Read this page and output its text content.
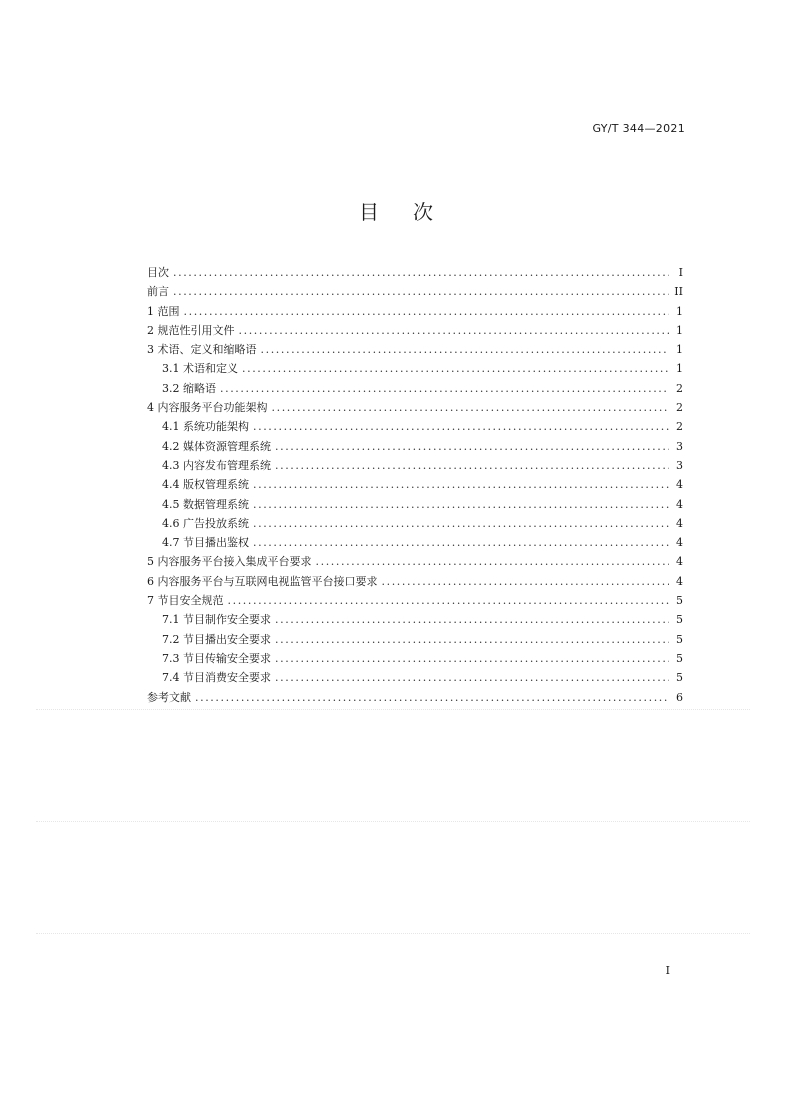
GY/T 344—2021
目次
目次 .....	I
前言 .....	II
1 范围 .....	1
2 规范性引用文件 .....	1
3 术语、定义和缩略语 .....	1
3.1 术语和定义 .....	1
3.2 缩略语 .....	2
4 内容服务平台功能架构 .....	2
4.1 系统功能架构 .....	2
4.2 媒体资源管理系统 .....	3
4.3 内容发布管理系统 .....	3
4.4 版权管理系统 .....	4
4.5 数据管理系统 .....	4
4.6 广告投放系统 .....	4
4.7 节目播出鉴权 .....	4
5 内容服务平台接入集成平台要求 .....	4
6 内容服务平台与互联网电视监管平台接口要求 .....	4
7 节目安全规范 .....	5
7.1 节目制作安全要求 .....	5
7.2 节目播出安全要求 .....	5
7.3 节目传输安全要求 .....	5
7.4 节目消费安全要求 .....	5
参考文献 .....	6
I
